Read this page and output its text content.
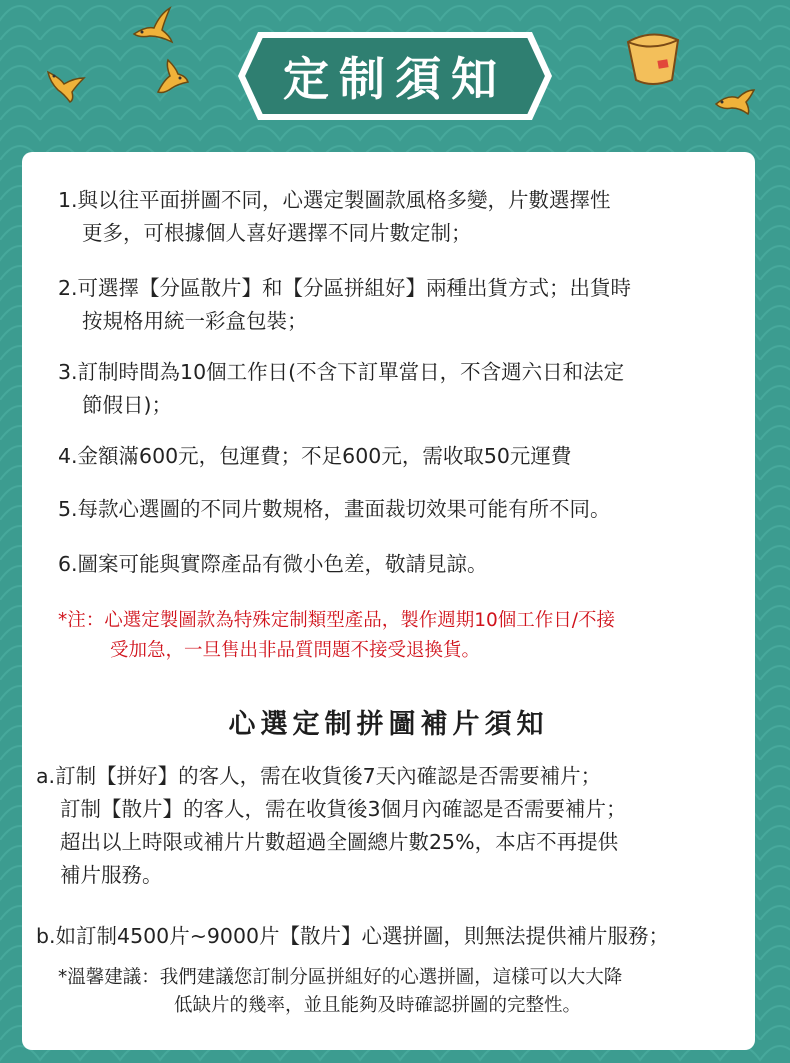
定制須知
1.與以往平面拼圖不同，心選定製圖款風格多變，片數選擇性
更多，可根據個人喜好選擇不同片數定制；
2.可選擇【分區散片】和【分區拼組好】兩種出貨方式；出貨時
按規格用統一彩盒包裝；
3.訂制時間為10個工作日(不含下訂單當日，不含週六日和法定
節假日)；
4.金額滿600元，包運費；不足600元，需收取50元運費
5.每款心選圖的不同片數規格，畫面裁切效果可能有所不同。
6.圖案可能與實際產品有微小色差，敬請見諒。
*注：心選定製圖款為特殊定制類型產品，製作週期10個工作日/不接
受加急，一旦售出非品質問題不接受退換貨。
心選定制拼圖補片須知
a.訂制【拼好】的客人，需在收貨後7天內確認是否需要補片；
訂制【散片】的客人，需在收貨後3個月內確認是否需要補片；
超出以上時限或補片片數超過全圖總片數25%，本店不再提供
補片服務。
b.如訂制4500片~9000片【散片】心選拼圖，則無法提供補片服務；
*溫馨建議：我們建議您訂制分區拼組好的心選拼圖，這樣可以大大降
低缺片的幾率，並且能夠及時確認拼圖的完整性。
